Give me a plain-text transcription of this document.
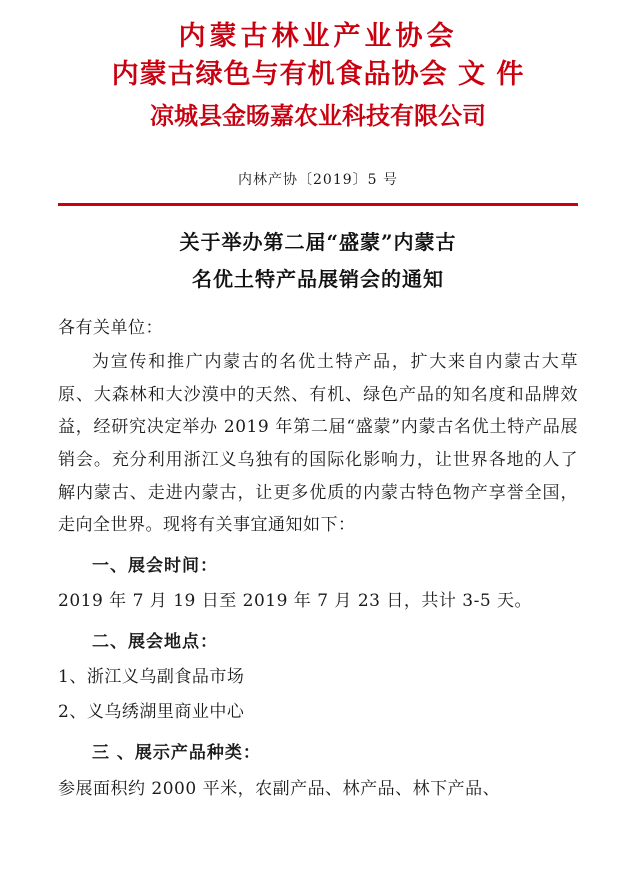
内蒙古林业产业协会
内蒙古绿色与有机食品协会 文 件
凉城县金旸嘉农业科技有限公司
内林产协〔2019〕5 号
关于举办第二届“盛蒙”内蒙古
名优土特产品展销会的通知
各有关单位：
为宣传和推广内蒙古的名优土特产品，扩大来自内蒙古大草原、大森林和大沙漠中的天然、有机、绿色产品的知名度和品牌效益，经研究决定举办 2019 年第二届“盛蒙”内蒙古名优土特产品展销会。充分利用浙江义乌独有的国际化影响力，让世界各地的人了解内蒙古、走进内蒙古，让更多优质的内蒙古特色物产享誉全国，走向全世界。现将有关事宜通知如下：
一、展会时间：
2019 年 7 月 19 日至 2019 年 7 月 23 日，共计 3-5 天。
二、展会地点：
1、浙江义乌副食品市场
2、义乌绣湖里商业中心
三 、展示产品种类：
参展面积约 2000 平米，农副产品、林产品、林下产品、
